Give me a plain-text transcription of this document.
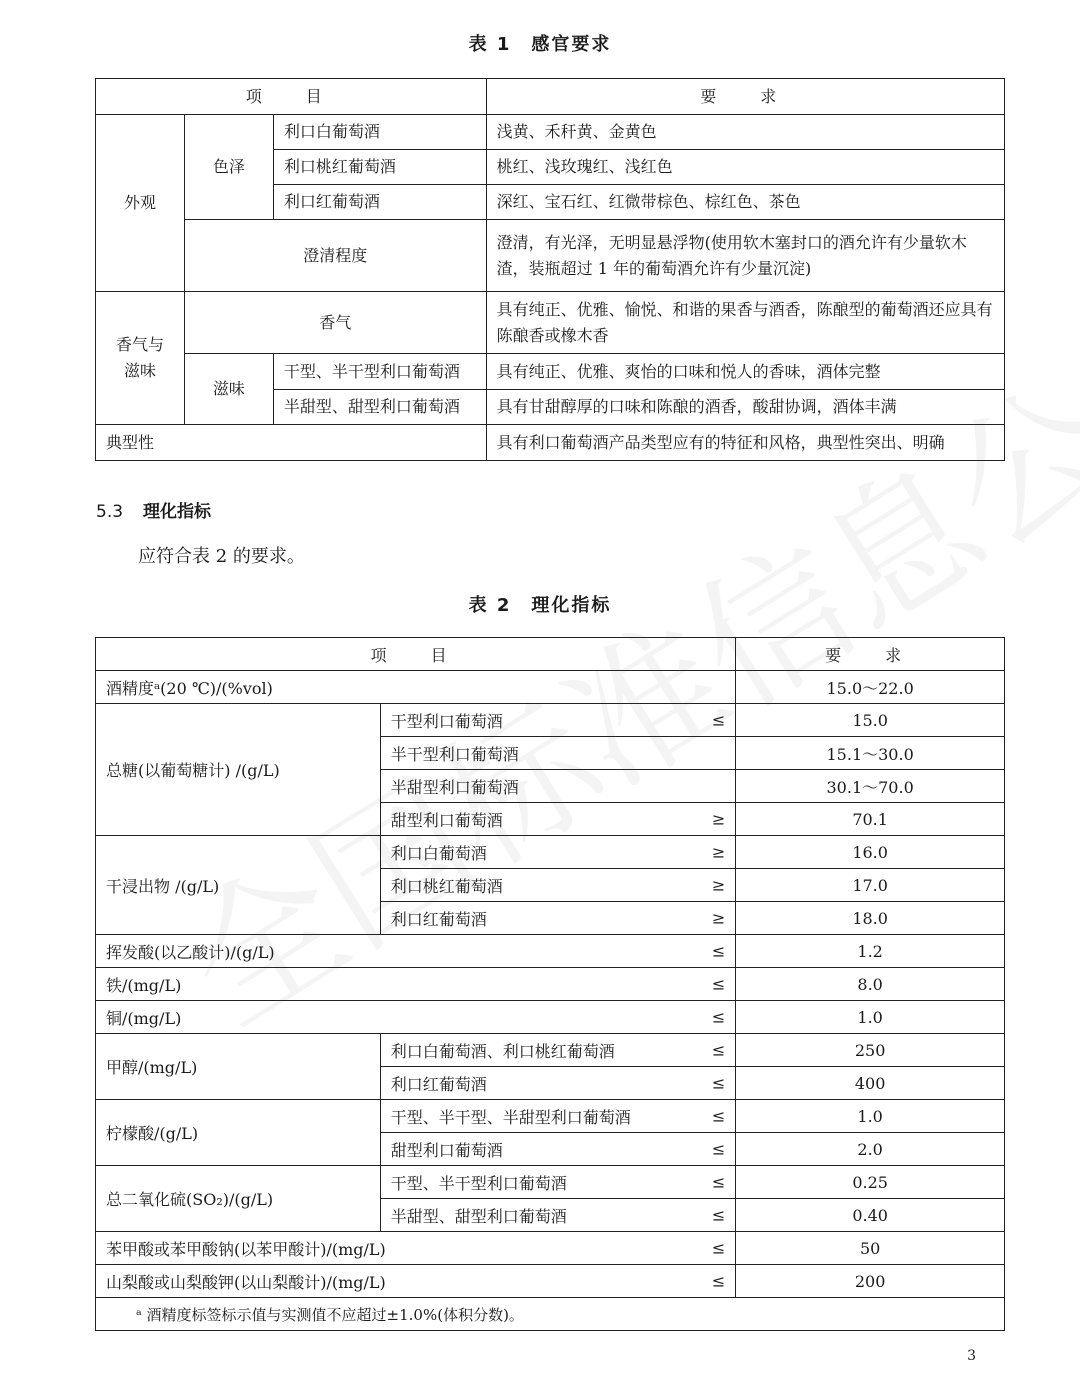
表 1　感官要求
项　目			要　求
外观	色泽	利口白葡萄酒	浅黄、禾秆黄、金黄色
		利口桃红葡萄酒	桃红、浅玫瑰红、浅红色
		利口红葡萄酒	深红、宝石红、红微带棕色、棕红色、茶色
	澄清程度		澄清，有光泽，无明显悬浮物(使用软木塞封口的酒允许有少量软木渣，装瓶超过 1 年的葡萄酒允许有少量沉淀)
香气与滋味	香气		具有纯正、优雅、愉悦、和谐的果香与酒香，陈酿型的葡萄酒还应具有陈酿香或橡木香
	滋味	干型、半干型利口葡萄酒	具有纯正、优雅、爽怡的口味和悦人的香味，酒体完整
		半甜型、甜型利口葡萄酒	具有甘甜醇厚的口味和陈酿的酒香，酸甜协调，酒体丰满
典型性			具有利口葡萄酒产品类型应有的特征和风格，典型性突出、明确
5.3 理化指标
应符合表 2 的要求。
表 2　理化指标
项　目		要　求
酒精度ᵃ(20 ℃)/(%vol)		15.0～22.0
总糖(以葡萄糖计) /(g/L)	干型利口葡萄酒 ≤	15.0
	半干型利口葡萄酒	15.1～30.0
	半甜型利口葡萄酒	30.1～70.0
	甜型利口葡萄酒 ≥	70.1
干浸出物 /(g/L)	利口白葡萄酒 ≥	16.0
	利口桃红葡萄酒 ≥	17.0
	利口红葡萄酒 ≥	18.0
挥发酸(以乙酸计)/(g/L) ≤		1.2
铁/(mg/L) ≤		8.0
铜/(mg/L) ≤		1.0
甲醇/(mg/L)	利口白葡萄酒、利口桃红葡萄酒 ≤	250
	利口红葡萄酒 ≤	400
柠檬酸/(g/L)	干型、半干型、半甜型利口葡萄酒 ≤	1.0
	甜型利口葡萄酒 ≤	2.0
总二氧化硫(SO₂)/(g/L)	干型、半干型利口葡萄酒 ≤	0.25
	半甜型、甜型利口葡萄酒 ≤	0.40
苯甲酸或苯甲酸钠(以苯甲酸计)/(mg/L) ≤		50
山梨酸或山梨酸钾(以山梨酸计)/(mg/L) ≤		200
ᵃ 酒精度标签标示值与实测值不应超过±1.0%(体积分数)。		
3
